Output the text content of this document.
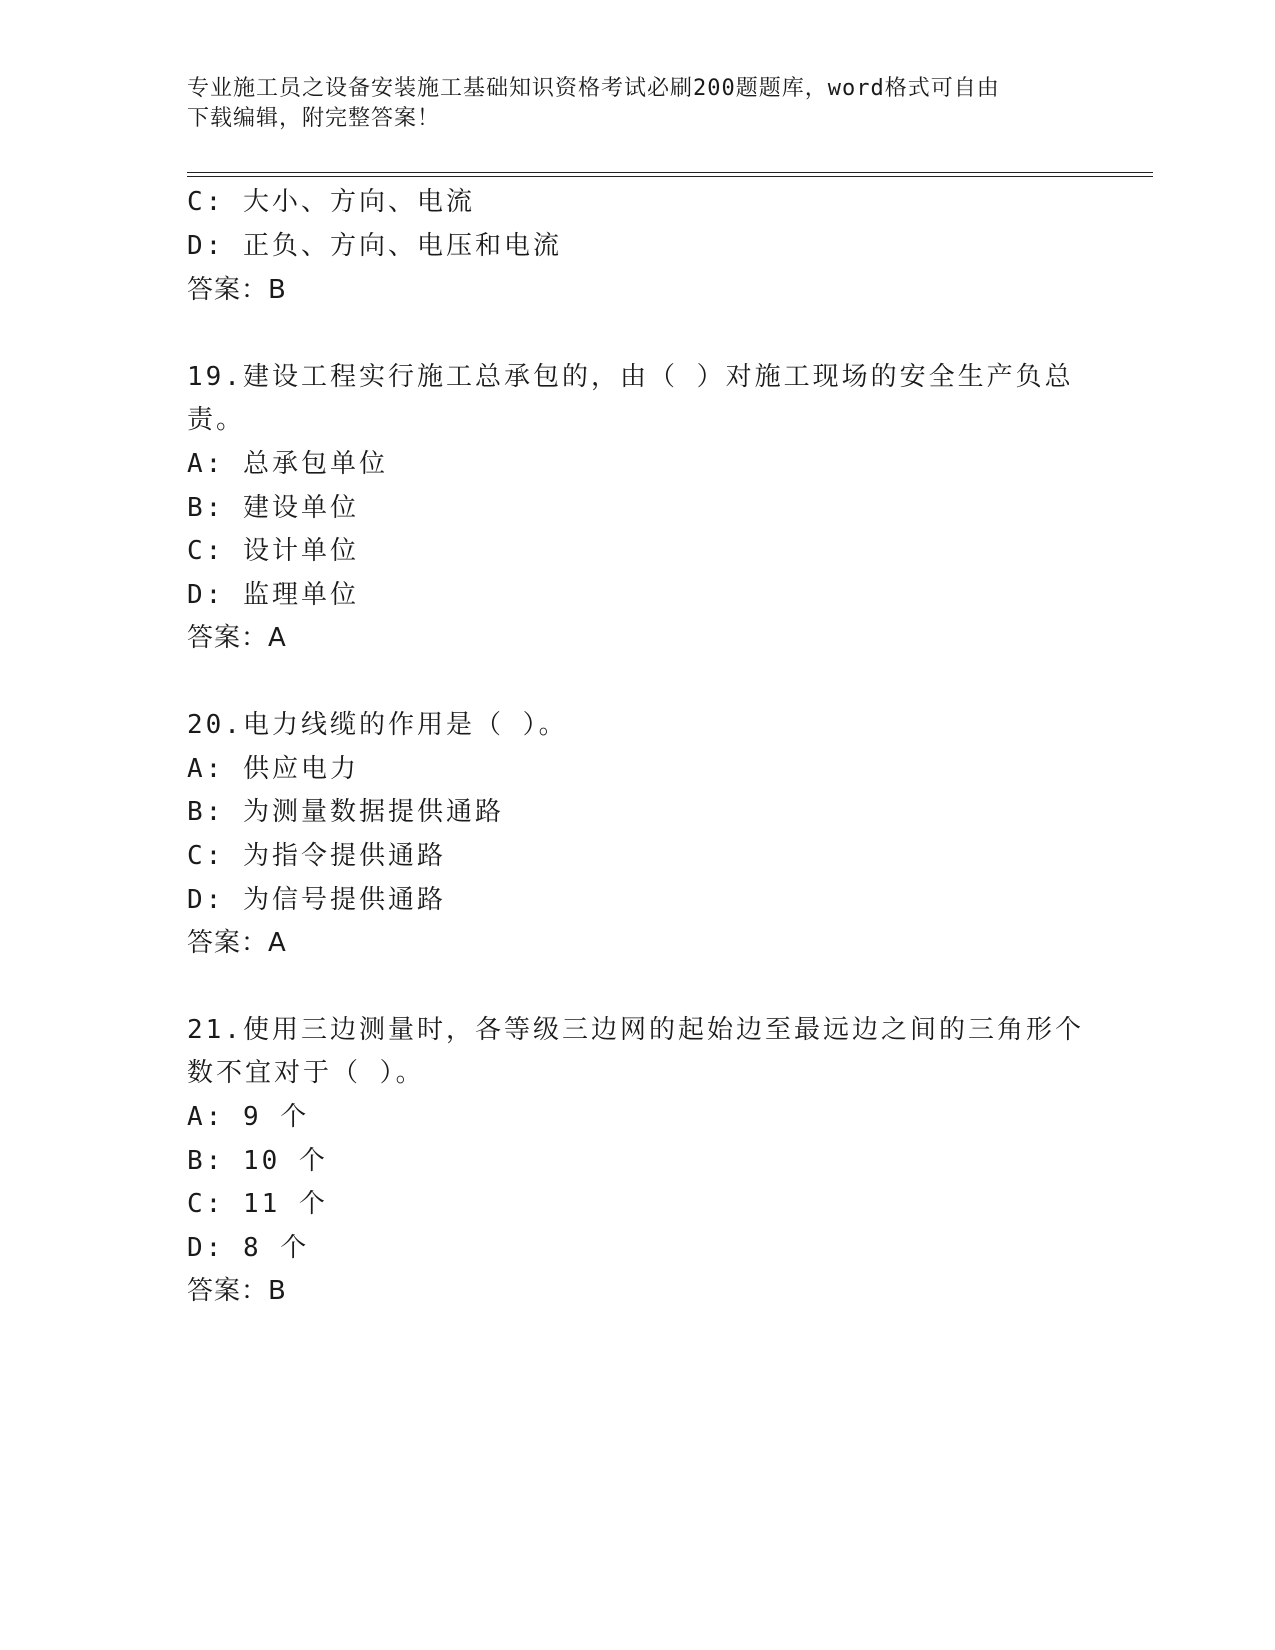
专业施工员之设备安装施工基础知识资格考试必刷200题题库，word格式可自由
下载编辑，附完整答案！
C: 大小、方向、电流
D: 正负、方向、电压和电流
答案：B
19.建设工程实行施工总承包的，由（ ）对施工现场的安全生产负总
责。
A: 总承包单位
B: 建设单位
C: 设计单位
D: 监理单位
答案：A
20.电力线缆的作用是（ ）。
A: 供应电力
B: 为测量数据提供通路
C: 为指令提供通路
D: 为信号提供通路
答案：A
21.使用三边测量时，各等级三边网的起始边至最远边之间的三角形个
数不宜对于（ ）。
A: 9 个
B: 10 个
C: 11 个
D: 8 个
答案：B
